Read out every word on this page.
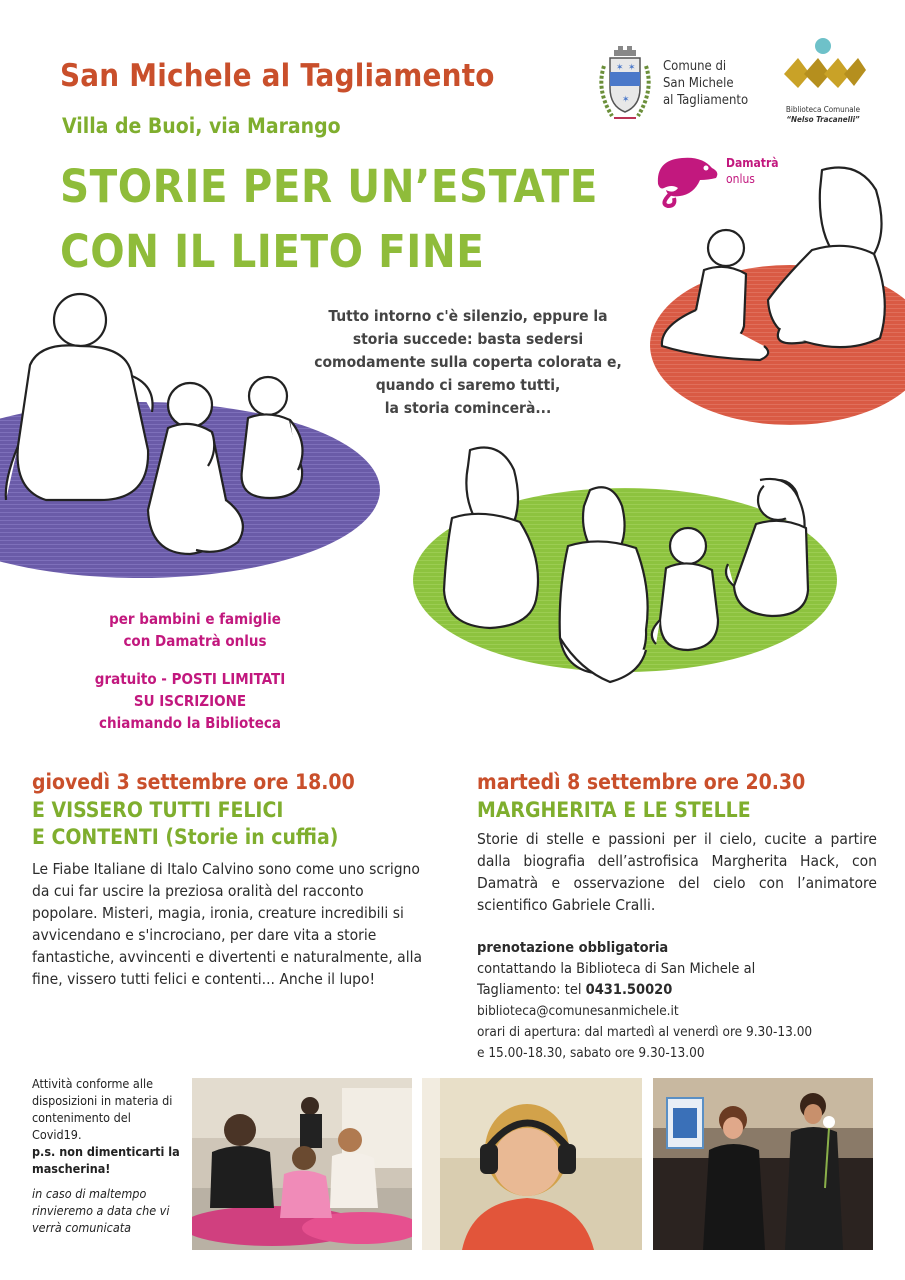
San Michele al Tagliamento
Villa de Buoi, via Marango
STORIE PER UN’ESTATE
CON IL LIETO FINE
✶ ✶
✶
Comune di
San Michele
al Tagliamento
Biblioteca Comunale
“Nelso Tracanelli”
Damatrà
onlus
Tutto intorno c'è silenzio, eppure la
storia succede: basta sedersi
comodamente sulla coperta colorata e,
quando ci saremo tutti,
la storia comincerà...
per bambini e famiglie
con Damatrà onlus
gratuito - POSTI LIMITATI
SU ISCRIZIONE
chiamando la Biblioteca
giovedì 3 settembre ore 18.00
E VISSERO TUTTI FELICI
E CONTENTI (Storie in cuffia)
Le Fiabe Italiane di Italo Calvino sono come uno scrigno da cui far uscire la preziosa oralità del racconto popolare. Misteri, magia, ironia, creature incredibili si avvicendano e s'incrociano, per dare vita a storie fantastiche, avvincenti e divertenti e naturalmente, alla fine, vissero tutti felici e contenti... Anche il lupo!
martedì 8 settembre ore 20.30
MARGHERITA E LE STELLE
Storie di stelle e passioni per il cielo, cucite a partire dalla biografia dell’astrofisica Margherita Hack, con Damatrà e osservazione del cielo con l’animatore scientifico Gabriele Cralli.
prenotazione obbligatoria
contattando la Biblioteca di San Michele al
Tagliamento: tel 0431.50020
biblioteca@comunesanmichele.it
orari di apertura: dal martedì al venerdì ore 9.30-13.00
e 15.00-18.30, sabato ore 9.30-13.00
Attività conforme alle disposizioni in materia di contenimento del Covid19.
p.s. non dimenticarti la mascherina!
in caso di maltempo rinvieremo a data che vi verrà comunicata
